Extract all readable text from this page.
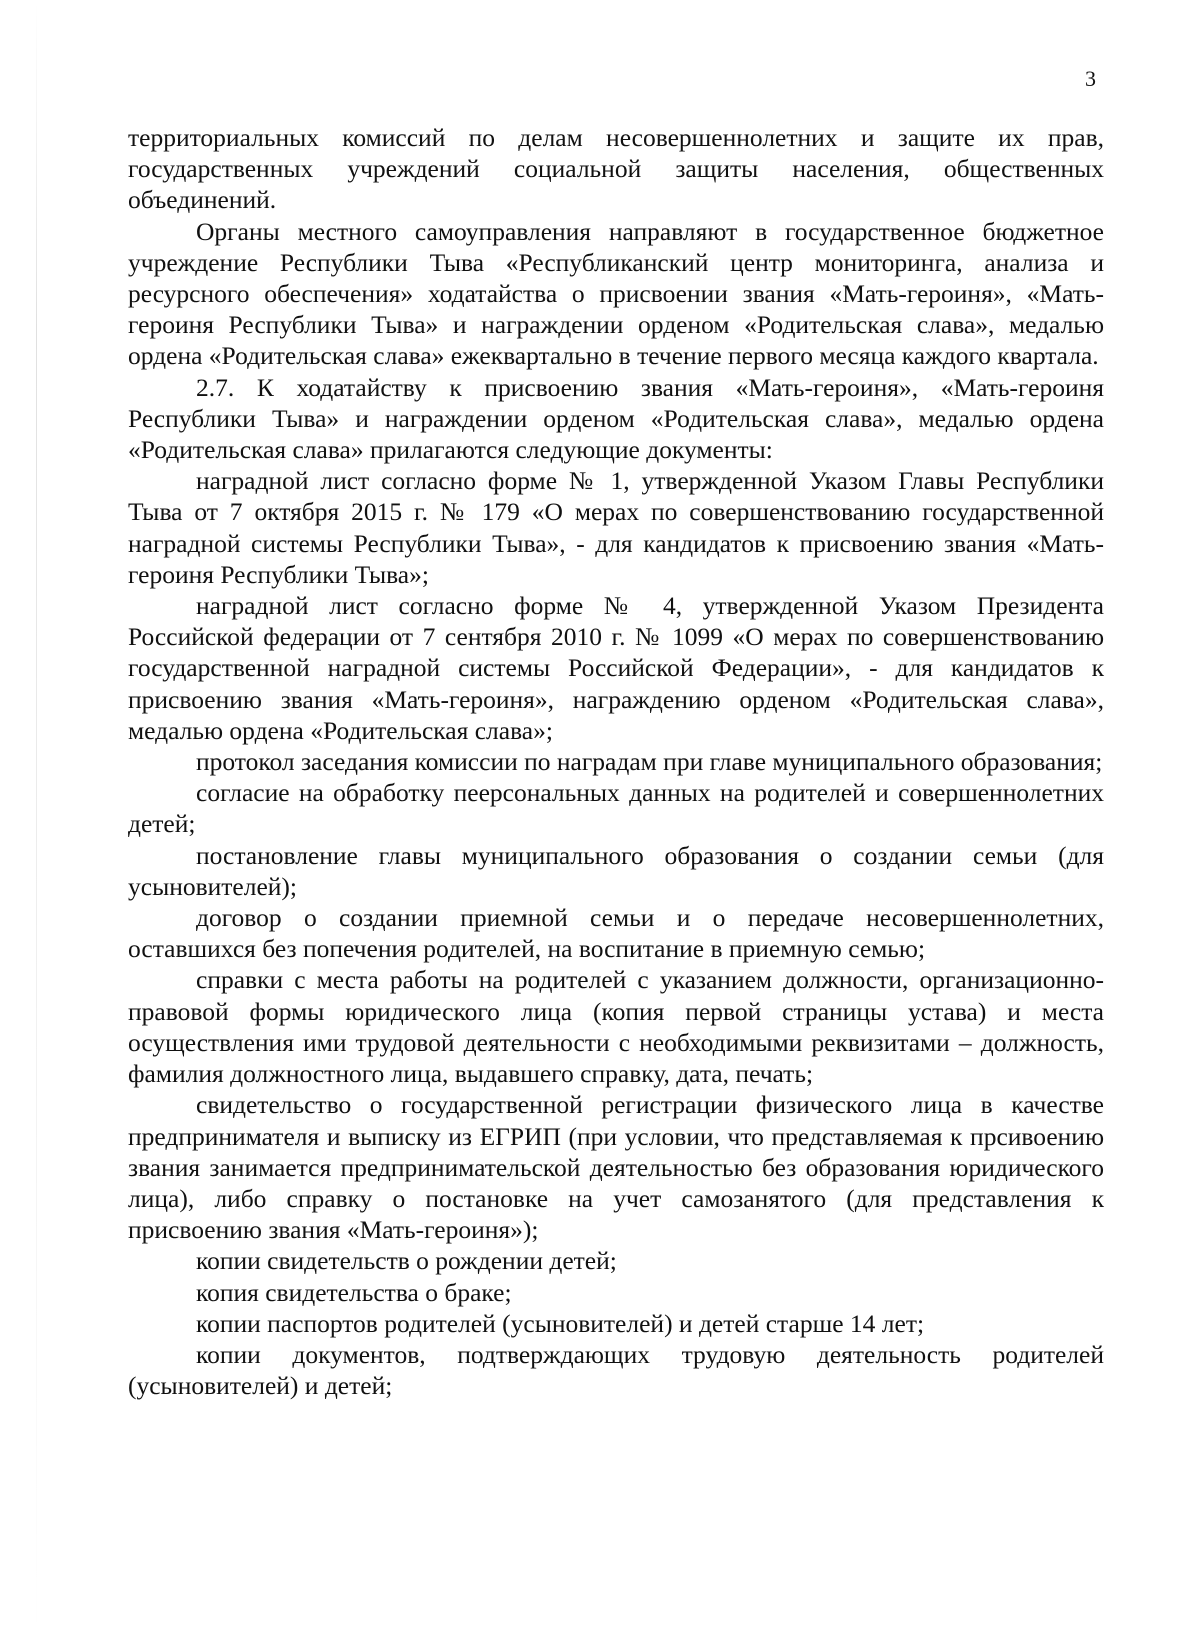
3

территориальных комиссий по делам несовершеннолетних и защите их прав, государственных учреждений социальной защиты населения, общественных объединений.

Органы местного самоуправления направляют в государственное бюджетное учреждение Республики Тыва «Республиканский центр мониторинга, анализа и ресурсного обеспечения» ходатайства о присвоении звания «Мать-героиня», «Мать-героиня Республики Тыва» и награждении орденом «Родительская слава», медалью ордена «Родительская слава» ежеквартально в течение первого месяца каждого квартала.

2.7. К ходатайству к присвоению звания «Мать-героиня», «Мать-героиня Республики Тыва» и награждении орденом «Родительская слава», медалью ордена «Родительская слава» прилагаются следующие документы:

наградной лист согласно форме № 1, утвержденной Указом Главы Республики Тыва от 7 октября 2015 г. № 179 «О мерах по совершенствованию государственной наградной системы Республики Тыва», - для кандидатов к присвоению звания «Мать-героиня Республики Тыва»;

наградной лист согласно форме № 4, утвержденной Указом Президента Российской федерации от 7 сентября 2010 г. № 1099 «О мерах по совершенствованию государственной наградной системы Российской Федерации», - для кандидатов к присвоению звания «Мать-героиня», награждению орденом «Родительская слава», медалью ордена «Родительская слава»;

протокол заседания комиссии по наградам при главе муниципального образования;

согласие на обработку пеерсональных данных на родителей и совершеннолетних детей;

постановление главы муниципального образования о создании семьи (для усыновителей);

договор о создании приемной семьи и о передаче несовершеннолетних, оставшихся без попечения родителей, на воспитание в приемную семью;

справки с места работы на родителей с указанием должности, организационно-правовой формы юридического лица (копия первой страницы устава) и места осуществления ими трудовой деятельности с необходимыми реквизитами – должность, фамилия должностного лица, выдавшего справку, дата, печать;

свидетельство о государственной регистрации физического лица в качестве предпринимателя и выписку из ЕГРИП (при условии, что представляемая к прсивоению звания занимается предпринимательской деятельностью без образования юридического лица), либо справку о постановке на учет самозанятого (для представления к присвоению звания «Мать-героиня»);

копии свидетельств о рождении детей;

копия свидетельства о браке;

копии паспортов родителей (усыновителей) и детей старше 14 лет;

копии документов, подтверждающих трудовую деятельность родителей (усыновителей) и детей;
